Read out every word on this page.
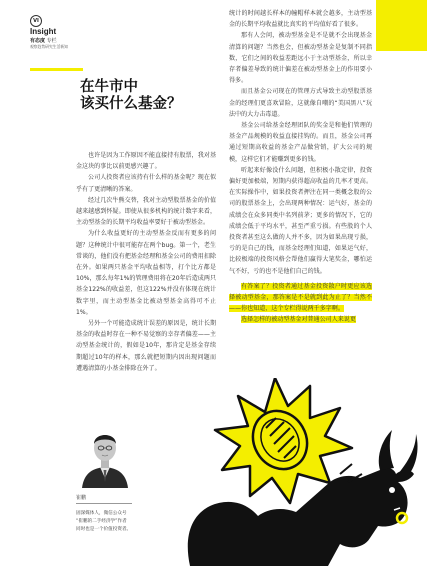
VI
Insight
有态度 专栏
观察趋势研究生活新知
在牛市中
该买什么基金？

也许是因为工作原因不能直接持有股票，我对基金这块的事比以前更感兴趣了。

公司人投资者应该持有什么样的基金呢？现在似乎有了更清晰的答案。

经过几次牛熊交替，我对主动型股票基金的价值越来越感到怀疑。即使从很多机构的统计数字来看，主动型基金的长期平均收益率要好于被动型基金。

为什么收益更好的主动型基金反而有更多的问题？这种统计中很可能存在两个bug。第一个，老生常谈的，他们没有把基金经理和基金公司的费用扣除在外。如果两只基金平均收益相等，打个比方都是10%，那么每年1%的管理费用将在20年后造成两只基金122%的收益差，但这122%并没有体现在统计数字里，而主动型基金比被动型基金高得可不止1%。

另外一个可能造成统计误差的原因是，统计长期基金的收益时存在一种不易觉察的幸存者偏差——主动型基金统计的，假如是10年，那肯定是基金存续期超过10年的样本，那么就把短期内因出现问题而遭遇清算的小基金排除在外了。

统计的时间越长样本的幢帽样本就会越多，主动型基金的长期平均收益就比真实的平均值好看了很多。

那有人会问，被动型基金是不是就不会出现基金清算的问题？当然也会，但被动型基金是复制不同指数，它们之间的收益差距远小于主动型基金，所以幸存者偏差导致的统计偏差在被动型基金上的作用要小得多。

而且基金公司现在的管理方式导致主动型股票基金的经理们更喜欢冒险，这就像自嘲的“美国黑八”玩法中的大力击毒道。

基金公司给基金经理团队的奖金是和他们管理的基金产品规模的收益直接挂钩的。而且，基金公司再通过短期高收益的基金产品做营销，扩大公司的规模，这样它们才能赚到更多的钱。

听起来好像没什么问题，但积极小散定律，投资偏好更加极端，短期内获得超高收益的几率才更高。在实际操作中，如果投资者押注在同一类概念股的公司的股票基金上，会出现两种情况：运气好，基金的成绩会在众多同类中名列前茅；更多的情况下，它的成绩会低于平均水平，甚至严重亏损。有些股的个人投资者甚至这么做的人并不多，因为如果出现亏损，亏的是自己的钱，而基金经理们知道，如果运气好，比较极端的投资风格会帮他们赢得大笔奖金，哪怕运气不好，亏的也不是他们自己的钱。

有答案了？投资者通过基金投资散户时更应该选择被动型基金，那答案是不是就到此为止了？当然不——你也知道，这个专栏得说两千多字啊。

选择怎样的被动型基金对普通公司人来说更

崔鹏
固深媒体人，微信公众号
“崔鹏的二手经济学”作者
同时也是一个价值投资者。
